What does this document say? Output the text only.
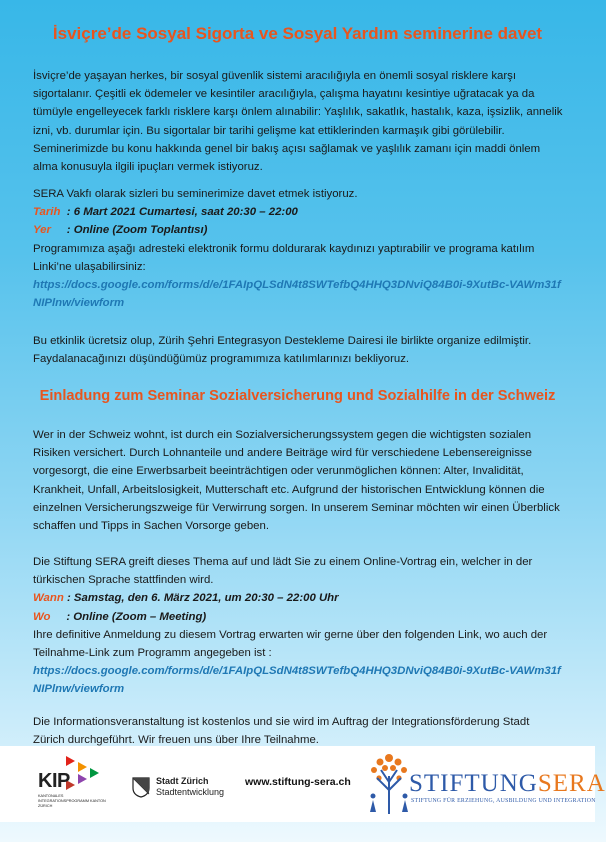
İsviçre’de Sosyal Sigorta ve Sosyal Yardım seminerine davet

İsviçre’de yaşayan herkes, bir sosyal güvenlik sistemi aracılığıyla en önemli sosyal risklere karşı sigortalanır. Çeşitli ek ödemeler ve kesintiler aracılığıyla, çalışma hayatını kesintiye uğratacak ya da tümüyle engelleyecek farklı risklere karşı önlem alınabilir: Yaşlılık, sakatlık, hastalık, kaza, işsizlik, annelik izni, vb. durumlar için. Bu sigortalar bir tarihi gelişme kat ettiklerinden karmaşık gibi görülebilir. Seminerimizde bu konu hakkında genel bir bakış açısı sağlamak ve yaşlılık zamanı için maddi önlem alma konusuyla ilgili ipuçları vermek istiyoruz.

SERA Vakfı olarak sizleri bu seminerimize davet etmek istiyoruz.

Tarih : 6 Mart 2021 Cumartesi, saat 20:30 – 22:00

Yer : Online (Zoom Toplantısı)

Programımıza aşağı adresteki elektronik formu doldurarak kaydınızı yaptırabilir ve programa katılım Linki’ne ulaşabilirsiniz:

https://docs.google.com/forms/d/e/1FAIpQLSdN4t8SWTefbQ4HHQ3DNviQ84B0i-9XutBc-VAWm31fNIPlnw/viewform

Bu etkinlik ücretsiz olup, Zürih Şehri Entegrasyon Destekleme Dairesi ile birlikte organize edilmiştir. Faydalanacağınızı düşündüğümüz programımıza katılımlarınızı bekliyoruz.

Einladung zum Seminar Sozialversicherung und Sozialhilfe in der Schweiz

Wer in der Schweiz wohnt, ist durch ein Sozialversicherungssystem gegen die wichtigsten sozialen Risiken versichert. Durch Lohnanteile und andere Beiträge wird für verschiedene Lebensereignisse vorgesorgt, die eine Erwerbsarbeit beeinträchtigen oder verunmöglichen können: Alter, Invalidität, Krankheit, Unfall, Arbeitslosigkeit, Mutterschaft etc. Aufgrund der historischen Entwicklung können die einzelnen Versicherungszweige für Verwirrung sorgen. In unserem Seminar möchten wir einen Überblick schaffen und Tipps in Sachen Vorsorge geben.

Die Stiftung SERA greift dieses Thema auf und lädt Sie zu einem Online-Vortrag ein, welcher in der türkischen Sprache stattfinden wird.

Wann : Samstag, den 6. März 2021, um 20:30 – 22:00 Uhr

Wo : Online (Zoom – Meeting)

Ihre definitive Anmeldung zu diesem Vortrag erwarten wir gerne über den folgenden Link, wo auch der Teilnahme-Link zum Programm angegeben ist :

https://docs.google.com/forms/d/e/1FAIpQLSdN4t8SWTefbQ4HHQ3DNviQ84B0i-9XutBc-VAWm31fNIPlnw/viewform

Die Informationsveranstaltung ist kostenlos und sie wird im Auftrag der Integrationsförderung Stadt Zürich durchgeführt. Wir freuen uns über Ihre Teilnahme.

KIP
KANTONALES INTEGRATIONSPROGRAMM KANTON ZÜRICH
Stadt Zürich
Stadtentwicklung
www.stiftung-sera.ch STIFTUNGSERA
STIFTUNG FÜR ERZIEHUNG, AUSBILDUNG UND INTEGRATION
